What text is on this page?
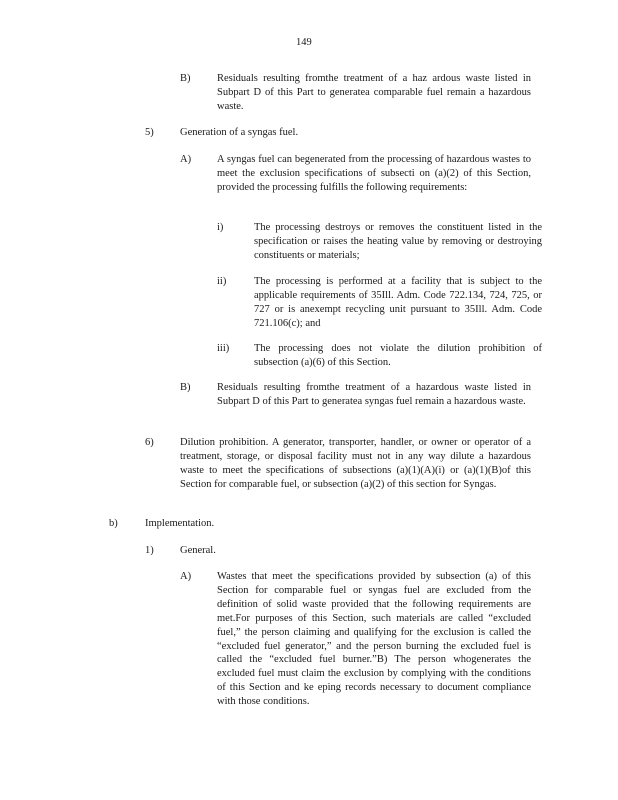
149
B)	Residuals resulting fromthe treatment of a haz ardous waste listed in Subpart D of this Part to generatea comparable fuel remain a hazardous waste.
5)	Generation of a syngas fuel.
A) A syngas fuel can begenerated from the processing of hazardous wastes to meet the exclusion specifications of subsecti on (a)(2) of this Section, provided the processing fulfills the following requirements:
i)	The processing destroys or removes the constituent listed in the specification or raises the heating value by removing or destroying constituents or materials;
ii)	The processing is performed at a facility that is subject to the applicable requirements of 35Ill. Adm. Code 722.134, 724, 725, or 727 or is anexempt recycling unit pursuant to 35Ill. Adm. Code 721.106(c); and
iii) The processing does not violate the dilution prohibition of subsection (a)(6) of this Section.
B)	Residuals resulting fromthe treatment of a hazardous waste listed in Subpart D of this Part to generatea syngas fuel remain a hazardous waste.
6)	Dilution prohibition. A generator, transporter, handler, or owner or operator of a treatment, storage, or disposal facility must not in any way dilute a hazardous waste to meet the specifications of subsections (a)(1)(A)(i) or (a)(1)(B)of this Section for comparable fuel, or subsection (a)(2) of this section for Syngas.
b)	Implementation.
1)	General.
A) Wastes that meet the specifications provided by subsection (a) of this Section for comparable fuel or syngas fuel are excluded from the definition of solid waste provided that the following requirements are met.For purposes of this Section, such materials are called “excluded fuel,” the person claiming and qualifying for the exclusion is called the “excluded fuel generator,” and the person burning the excluded fuel is called the “excluded fuel burner.”B) The person whogenerates the excluded fuel must claim the exclusion by complying with the conditions of this Section and ke eping records necessary to document compliance with those conditions.
